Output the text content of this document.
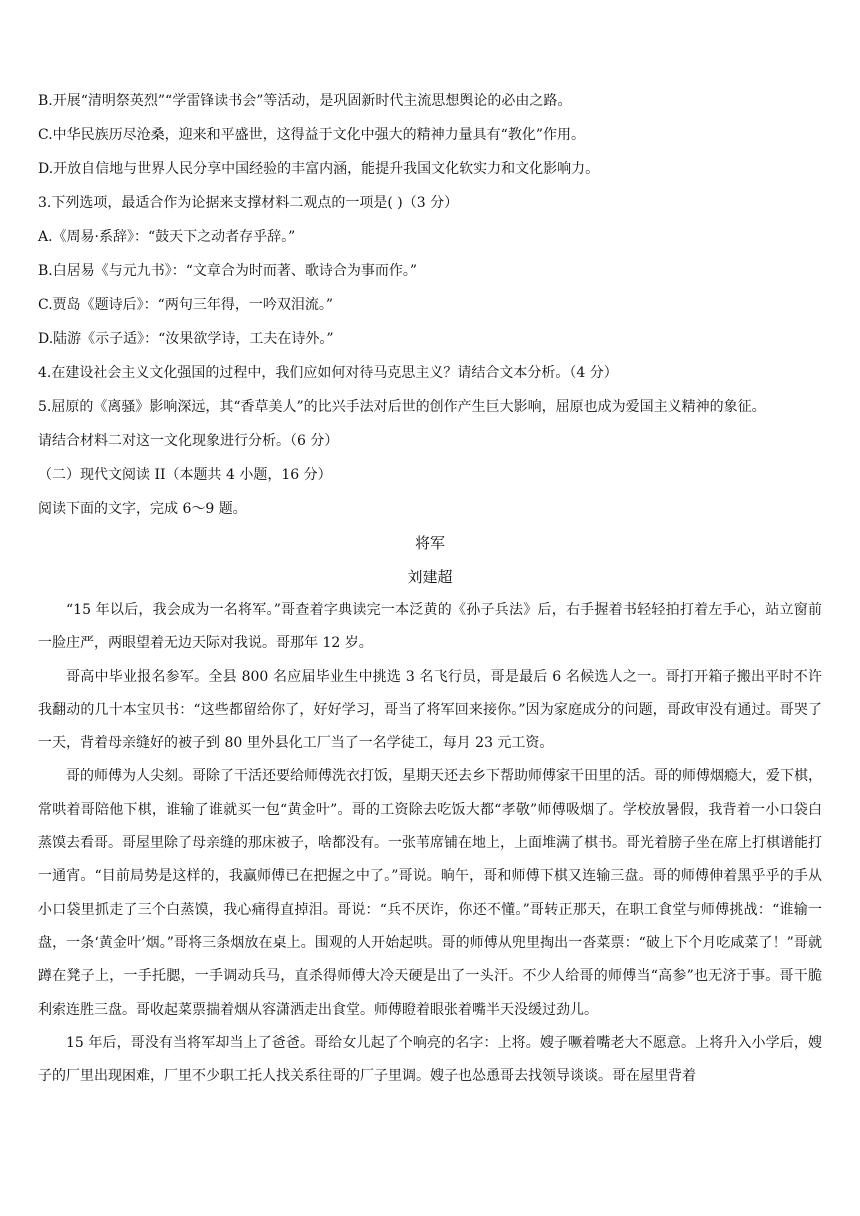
B.开展“清明祭英烈”“学雷锋读书会”等活动，是巩固新时代主流思想舆论的必由之路。

C.中华民族历尽沧桑，迎来和平盛世，这得益于文化中强大的精神力量具有“教化”作用。

D.开放自信地与世界人民分享中国经验的丰富内涵，能提升我国文化软实力和文化影响力。

3.下列选项，最适合作为论据来支撑材料二观点的一项是( )（3 分）

A.《周易·系辞》：“鼓天下之动者存乎辞。”

B.白居易《与元九书》：“文章合为时而著、歌诗合为事而作。”

C.贾岛《题诗后》：“两句三年得，一吟双泪流。”

D.陆游《示子适》：“汝果欲学诗，工夫在诗外。”

4.在建设社会主义文化强国的过程中，我们应如何对待马克思主义？请结合文本分析。（4 分）

5.屈原的《离骚》影响深远，其“香草美人”的比兴手法对后世的创作产生巨大影响，屈原也成为爱国主义精神的象征。

请结合材料二对这一文化现象进行分析。（6 分）

（二）现代文阅读 II（本题共 4 小题，16 分）

阅读下面的文字，完成 6～9 题。

将军

刘建超

“15 年以后，我会成为一名将军。”哥查着字典读完一本泛黄的《孙子兵法》后，右手握着书轻轻拍打着左手心，站立窗前一脸庄严，两眼望着无边天际对我说。哥那年 12 岁。

哥高中毕业报名参军。全县 800 名应届毕业生中挑选 3 名飞行员，哥是最后 6 名候选人之一。哥打开箱子搬出平时不许我翻动的几十本宝贝书：“这些都留给你了，好好学习，哥当了将军回来接你。”因为家庭成分的问题，哥政审没有通过。哥哭了一天，背着母亲缝好的被子到 80 里外县化工厂当了一名学徒工，每月 23 元工资。

哥的师傅为人尖刻。哥除了干活还要给师傅洗衣打饭，星期天还去乡下帮助师傅家干田里的活。哥的师傅烟瘾大，爱下棋，常哄着哥陪他下棋，谁输了谁就买一包“黄金叶”。哥的工资除去吃饭大都“孝敬”师傅吸烟了。学校放暑假，我背着一小口袋白蒸馍去看哥。哥屋里除了母亲缝的那床被子，啥都没有。一张苇席铺在地上，上面堆满了棋书。哥光着膀子坐在席上打棋谱能打一通宵。“目前局势是这样的，我赢师傅已在把握之中了。”哥说。晌午，哥和师傅下棋又连输三盘。哥的师傅伸着黑乎乎的手从小口袋里抓走了三个白蒸馍，我心痛得直掉泪。哥说：“兵不厌诈，你还不懂。”哥转正那天，在职工食堂与师傅挑战：“谁输一盘，一条‘黄金叶’烟。”哥将三条烟放在桌上。围观的人开始起哄。哥的师傅从兜里掏出一沓菜票：“破上下个月吃咸菜了！”哥就蹲在凳子上，一手托腮，一手调动兵马，直杀得师傅大冷天硬是出了一头汗。不少人给哥的师傅当“高参”也无济于事。哥干脆利索连胜三盘。哥收起菜票揣着烟从容潇洒走出食堂。师傅瞪着眼张着嘴半天没缓过劲儿。

15 年后，哥没有当将军却当上了爸爸。哥给女儿起了个响亮的名字：上将。嫂子噘着嘴老大不愿意。上将升入小学后，嫂子的厂里出现困难，厂里不少职工托人找关系往哥的厂子里调。嫂子也怂恿哥去找领导谈谈。哥在屋里背着
